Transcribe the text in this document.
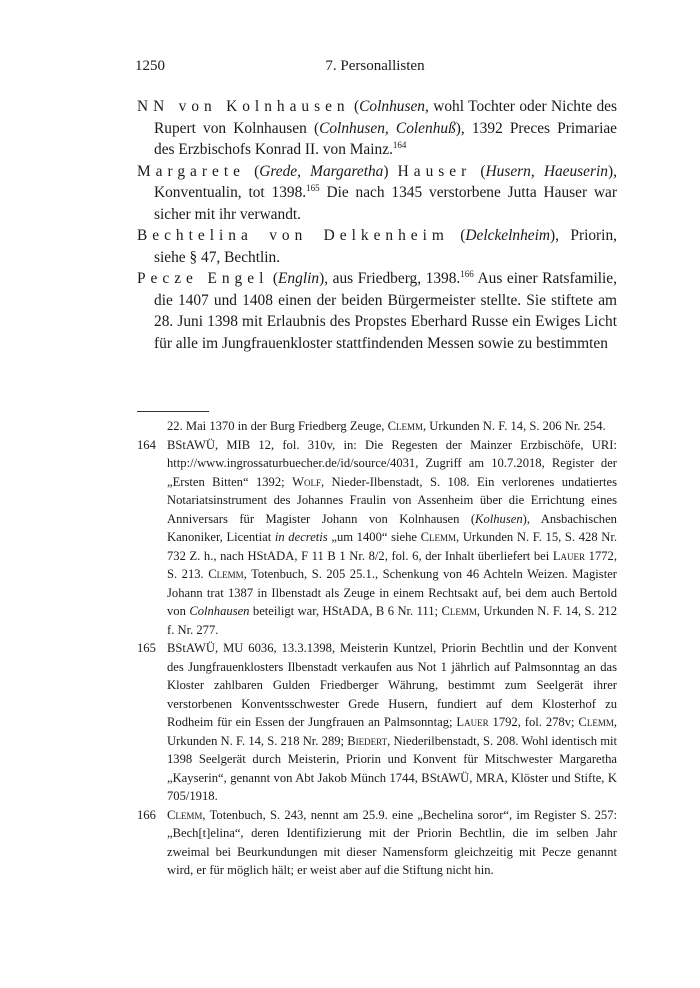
1250	7. Personallisten

NN von Kolnhausen (Colnhusen, wohl Tochter oder Nichte des Rupert von Kolnhausen (Colnhusen, Colenhuß), 1392 Preces Primariae des Erzbischofs Konrad II. von Mainz.$^{164}$

Margarete (Grede, Margaretha) Hauser (Husern, Haeuserin), Konventualin, tot 1398.$^{165}$ Die nach 1345 verstorbene Jutta Hauser war sicher mit ihr verwandt.

Bechtelina von Delkenheim (Delckelnheim), Priorin, siehe § 47, Bechtlin.

Pecze Engel (Englin), aus Friedberg, 1398.$^{166}$ Aus einer Ratsfamilie, die 1407 und 1408 einen der beiden Bürgermeister stellte. Sie stiftete am 28. Juni 1398 mit Erlaubnis des Propstes Eberhard Russe ein Ewiges Licht für alle im Jungfrauenkloster stattfindenden Messen sowie zu bestimmten

22. Mai 1370 in der Burg Friedberg Zeuge, Clemm, Urkunden N. F. 14, S. 206 Nr. 254.

164 BStAWÜ, MIB 12, fol. 310v, in: Die Regesten der Mainzer Erzbischöfe, URI: http://www.ingrossaturbuecher.de/id/source/4031, Zugriff am 10.7.2018, Register der „Ersten Bitten“ 1392; Wolf, Nieder-Ilbenstadt, S. 108. Ein verlorenes undatiertes Notariatsinstrument des Johannes Fraulin von Assenheim über die Errichtung eines Anniversars für Magister Johann von Kolnhausen (Kolhusen), Ansbachischen Kanoniker, Licentiat in decretis „um 1400“ siehe Clemm, Urkunden N. F. 15, S. 428 Nr. 732 Z. h., nach HStADA, F 11 B 1 Nr. 8/2, fol. 6, der Inhalt überliefert bei Lauer 1772, S. 213. Clemm, Totenbuch, S. 205 25.1., Schenkung von 46 Achteln Weizen. Magister Johann trat 1387 in Ilbenstadt als Zeuge in einem Rechtsakt auf, bei dem auch Bertold von Colnhausen beteiligt war, HStADA, B 6 Nr. 111; Clemm, Urkunden N. F. 14, S. 212 f. Nr. 277.

165 BStAWÜ, MU 6036, 13.3.1398, Meisterin Kuntzel, Priorin Bechtlin und der Konvent des Jungfrauenklosters Ilbenstadt verkaufen aus Not 1 jährlich auf Palmsonntag an das Kloster zahlbaren Gulden Friedberger Währung, bestimmt zum Seelgerät ihrer verstorbenen Konventsschwester Grede Husern, fundiert auf dem Klosterhof zu Rodheim für ein Essen der Jungfrauen an Palmsonntag; Lauer 1792, fol. 278v; Clemm, Urkunden N. F. 14, S. 218 Nr. 289; Biedert, Niederilbenstadt, S. 208. Wohl identisch mit 1398 Seelgerät durch Meisterin, Priorin und Konvent für Mitschwester Margaretha „Kayserin“, genannt von Abt Jakob Münch 1744, BStAWÜ, MRA, Klöster und Stifte, K 705/1918.

166 Clemm, Totenbuch, S. 243, nennt am 25.9. eine „Bechelina soror“, im Register S. 257: „Bech[t]elina“, deren Identifizierung mit der Priorin Bechtlin, die im selben Jahr zweimal bei Beurkundungen mit dieser Namensform gleichzeitig mit Pecze genannt wird, er für möglich hält; er weist aber auf die Stiftung nicht hin.
